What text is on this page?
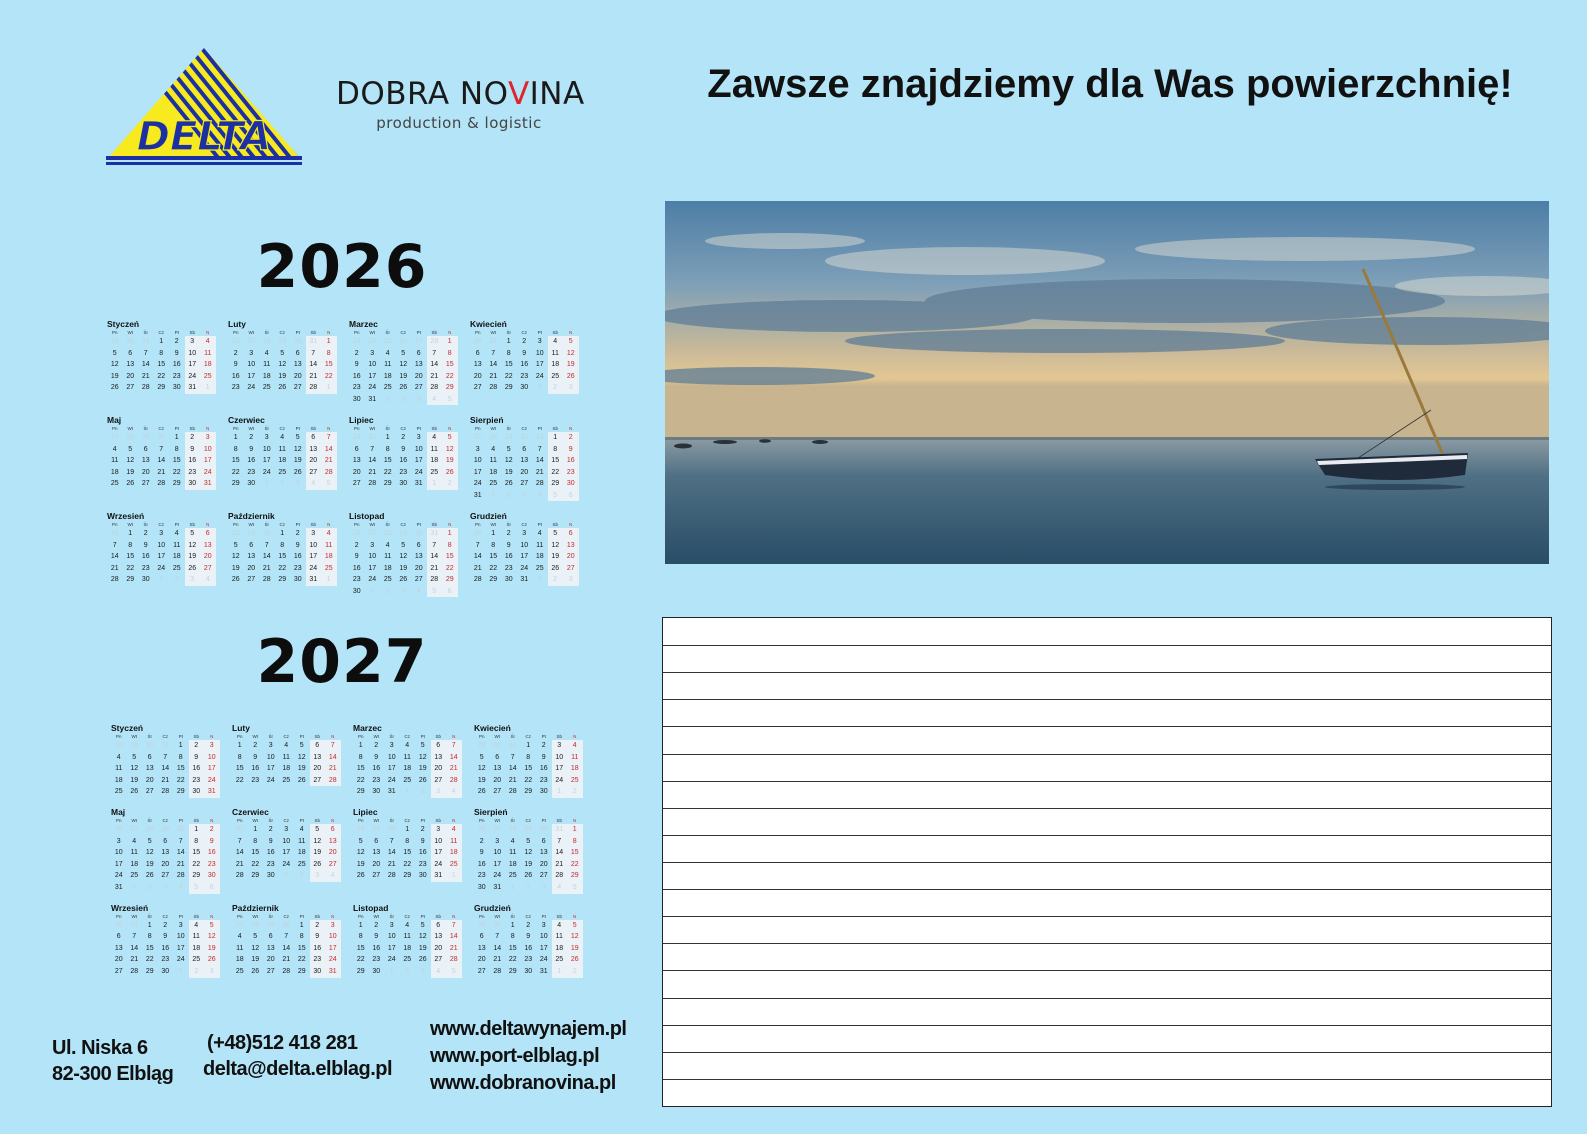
DELTA
DOBRA NOVINA
production & logistic
Zawsze znajdziemy dla Was powierzchnię!
2026
2027
Styczeń
Pn	Wt	Śr	Cz	Pt	Sb	N
29	30	31	1	2	3	4
5	6	7	8	9	10	11
12	13	14	15	16	17	18
19	20	21	22	23	24	25
26	27	28	29	30	31	1
Luty
Pn	Wt	Śr	Cz	Pt	Sb	N
26	27	28	29	30	31	1
2	3	4	5	6	7	8
9	10	11	12	13	14	15
16	17	18	19	20	21	22
23	24	25	26	27	28	1
Marzec
Pn	Wt	Śr	Cz	Pt	Sb	N
23	24	25	26	27	28	1
2	3	4	5	6	7	8
9	10	11	12	13	14	15
16	17	18	19	20	21	22
23	24	25	26	27	28	29
30	31	1	2	3	4	5
Kwiecień
Pn	Wt	Śr	Cz	Pt	Sb	N
30	31	1	2	3	4	5
6	7	8	9	10	11	12
13	14	15	16	17	18	19
20	21	22	23	24	25	26
27	28	29	30	1	2	3
Maj
Pn	Wt	Śr	Cz	Pt	Sb	N
27	28	29	30	1	2	3
4	5	6	7	8	9	10
11	12	13	14	15	16	17
18	19	20	21	22	23	24
25	26	27	28	29	30	31
Czerwiec
Pn	Wt	Śr	Cz	Pt	Sb	N
1	2	3	4	5	6	7
8	9	10	11	12	13	14
15	16	17	18	19	20	21
22	23	24	25	26	27	28
29	30	1	2	3	4	5
Lipiec
Pn	Wt	Śr	Cz	Pt	Sb	N
29	30	1	2	3	4	5
6	7	8	9	10	11	12
13	14	15	16	17	18	19
20	21	22	23	24	25	26
27	28	29	30	31	1	2
Sierpień
Pn	Wt	Śr	Cz	Pt	Sb	N
27	28	29	30	31	1	2
3	4	5	6	7	8	9
10	11	12	13	14	15	16
17	18	19	20	21	22	23
24	25	26	27	28	29	30
31	1	2	3	4	5	6
Wrzesień
Pn	Wt	Śr	Cz	Pt	Sb	N
31	1	2	3	4	5	6
7	8	9	10	11	12	13
14	15	16	17	18	19	20
21	22	23	24	25	26	27
28	29	30	1	2	3	4
Październik
Pn	Wt	Śr	Cz	Pt	Sb	N
28	29	30	1	2	3	4
5	6	7	8	9	10	11
12	13	14	15	16	17	18
19	20	21	22	23	24	25
26	27	28	29	30	31	1
Listopad
Pn	Wt	Śr	Cz	Pt	Sb	N
26	27	28	29	30	31	1
2	3	4	5	6	7	8
9	10	11	12	13	14	15
16	17	18	19	20	21	22
23	24	25	26	27	28	29
30	1	2	3	4	5	6
Grudzień
Pn	Wt	Śr	Cz	Pt	Sb	N
30	1	2	3	4	5	6
7	8	9	10	11	12	13
14	15	16	17	18	19	20
21	22	23	24	25	26	27
28	29	30	31	1	2	3
Styczeń
Pn	Wt	Śr	Cz	Pt	Sb	N
28	29	30	31	1	2	3
4	5	6	7	8	9	10
11	12	13	14	15	16	17
18	19	20	21	22	23	24
25	26	27	28	29	30	31
Luty
Pn	Wt	Śr	Cz	Pt	Sb	N
1	2	3	4	5	6	7
8	9	10	11	12	13	14
15	16	17	18	19	20	21
22	23	24	25	26	27	28
Marzec
Pn	Wt	Śr	Cz	Pt	Sb	N
1	2	3	4	5	6	7
8	9	10	11	12	13	14
15	16	17	18	19	20	21
22	23	24	25	26	27	28
29	30	31	1	2	3	4
Kwiecień
Pn	Wt	Śr	Cz	Pt	Sb	N
29	30	31	1	2	3	4
5	6	7	8	9	10	11
12	13	14	15	16	17	18
19	20	21	22	23	24	25
26	27	28	29	30	1	2
Maj
Pn	Wt	Śr	Cz	Pt	Sb	N
26	27	28	29	30	1	2
3	4	5	6	7	8	9
10	11	12	13	14	15	16
17	18	19	20	21	22	23
24	25	26	27	28	29	30
31	1	2	3	4	5	6
Czerwiec
Pn	Wt	Śr	Cz	Pt	Sb	N
31	1	2	3	4	5	6
7	8	9	10	11	12	13
14	15	16	17	18	19	20
21	22	23	24	25	26	27
28	29	30	1	2	3	4
Lipiec
Pn	Wt	Śr	Cz	Pt	Sb	N
28	29	30	1	2	3	4
5	6	7	8	9	10	11
12	13	14	15	16	17	18
19	20	21	22	23	24	25
26	27	28	29	30	31	1
Sierpień
Pn	Wt	Śr	Cz	Pt	Sb	N
26	27	28	29	30	31	1
2	3	4	5	6	7	8
9	10	11	12	13	14	15
16	17	18	19	20	21	22
23	24	25	26	27	28	29
30	31	1	2	3	4	5
Wrzesień
Pn	Wt	Śr	Cz	Pt	Sb	N
30	31	1	2	3	4	5
6	7	8	9	10	11	12
13	14	15	16	17	18	19
20	21	22	23	24	25	26
27	28	29	30	1	2	3
Październik
Pn	Wt	Śr	Cz	Pt	Sb	N
27	28	29	30	1	2	3
4	5	6	7	8	9	10
11	12	13	14	15	16	17
18	19	20	21	22	23	24
25	26	27	28	29	30	31
Listopad
Pn	Wt	Śr	Cz	Pt	Sb	N
1	2	3	4	5	6	7
8	9	10	11	12	13	14
15	16	17	18	19	20	21
22	23	24	25	26	27	28
29	30	1	2	3	4	5
Grudzień
Pn	Wt	Śr	Cz	Pt	Sb	N
29	30	1	2	3	4	5
6	7	8	9	10	11	12
13	14	15	16	17	18	19
20	21	22	23	24	25	26
27	28	29	30	31	1	2
Ul. Niska 6
82-300 Elbląg
(+48)512 418 281
delta@delta.elblag.pl
www.deltawynajem.pl
www.port-elblag.pl
www.dobranovina.pl
